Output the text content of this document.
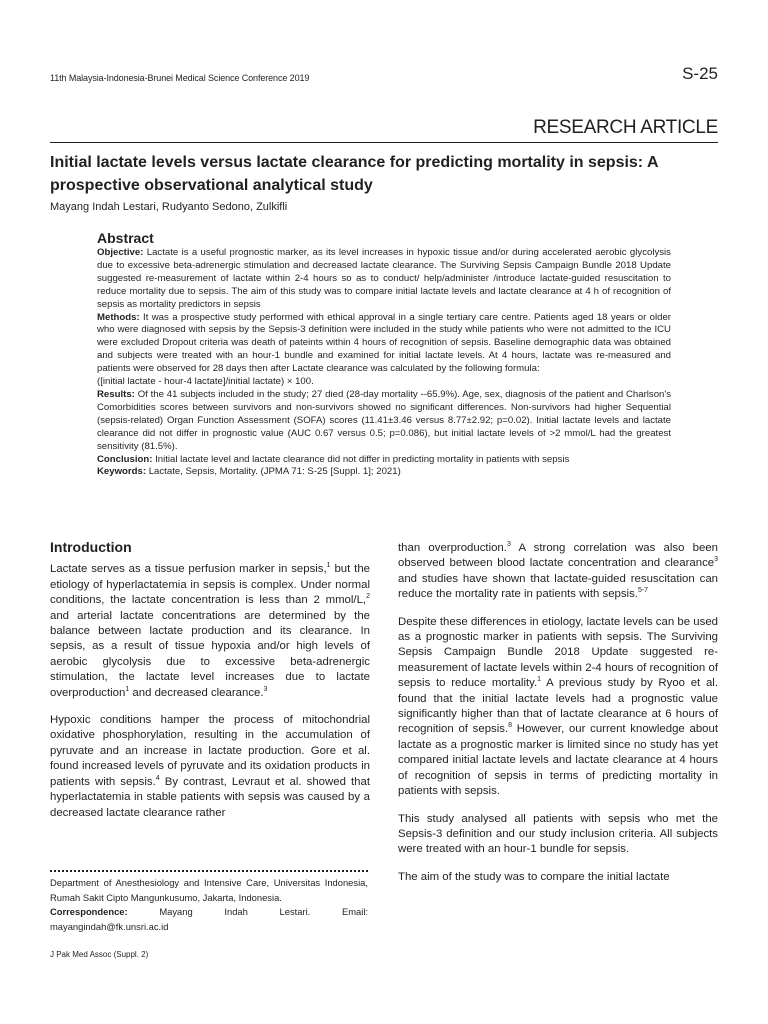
11th Malaysia-Indonesia-Brunei Medical Science Conference 2019	S-25
RESEARCH ARTICLE
Initial lactate levels versus lactate clearance for predicting mortality in sepsis: A prospective observational analytical study
Mayang Indah Lestari, Rudyanto Sedono, Zulkifli
Abstract

Objective: Lactate is a useful prognostic marker, as its level increases in hypoxic tissue and/or during accelerated aerobic glycolysis due to excessive beta-adrenergic stimulation and decreased lactate clearance. The Surviving Sepsis Campaign Bundle 2018 Update suggested re-measurement of lactate within 2-4 hours so as to conduct/ help/administer /introduce lactate-guided resuscitation to reduce mortality due to sepsis. The aim of this study was to compare initial lactate levels and lactate clearance at 4 h of recognition of sepsis as mortality predictors in sepsis

Methods: It was a prospective study performed with ethical approval in a single tertiary care centre. Patients aged 18 years or older who were diagnosed with sepsis by the Sepsis-3 definition were included in the study while patients who were not admitted to the ICU were excluded Dropout criteria was death of pateints within 4 hours of recognition of sepsis. Baseline demographic data was obtained and subjects were treated with an hour-1 bundle and examined for initial lactate levels. At 4 hours, lactate was re-measured and patients were observed for 28 days then after Lactate clearance was calculated by the following formula:

([initial lactate - hour-4 lactate]/initial lactate) × 100.

Results: Of the 41 subjects included in the study; 27 died (28-day mortality --65.9%). Age, sex, diagnosis of the patient and Charlson's Comorbidities scores between survivors and non-survivors showed no significant differences. Non-survivors had higher Sequential (sepsis-related) Organ Function Assessment (SOFA) scores (11.41±3.46 versus 8.77±2.92; p=0.02). Initial lactate levels and lactate clearance did not differ in prognostic value (AUC 0.67 versus 0.5; p=0.086), but initial lactate levels of >2 mmol/L had the greatest sensitivity (81.5%).

Conclusion: Initial lactate level and lactate clearance did not differ in predicting mortality in patients with sepsis

Keywords: Lactate, Sepsis, Mortality. (JPMA 71: S-25 [Suppl. 1]; 2021)

Introduction

Lactate serves as a tissue perfusion marker in sepsis,$^1$ but the etiology of hyperlactatemia in sepsis is complex. Under normal conditions, the lactate concentration is less than 2 mmol/L,$^2$ and arterial lactate concentrations are determined by the balance between lactate production and its clearance. In sepsis, as a result of tissue hypoxia and/or high levels of aerobic glycolysis due to excessive beta-adrenergic stimulation, the lactate level increases due to lactate overproduction$^1$ and decreased clearance.$^3$

Hypoxic conditions hamper the process of mitochondrial oxidative phosphorylation, resulting in the accumulation of pyruvate and an increase in lactate production. Gore et al. found increased levels of pyruvate and its oxidation products in patients with sepsis.$^4$ By contrast, Levraut et al. showed that hyperlactatemia in stable patients with sepsis was caused by a decreased lactate clearance rather

Department of Anesthesiology and Intensive Care, Universitas Indonesia, Rumah Sakit Cipto Mangunkusumo, Jakarta, Indonesia.

Correspondence:	Mayang Indah Lestari. Email: mayangindah@fk.unsri.ac.id

than overproduction.$^3$ A strong correlation was also been observed between blood lactate concentration and clearance$^3$ and studies have shown that lactate-guided resuscitation can reduce the mortality rate in patients with sepsis.$^{5-7}$

Despite these differences in etiology, lactate levels can be used as a prognostic marker in patients with sepsis. The Surviving Sepsis Campaign Bundle 2018 Update suggested re-measurement of lactate levels within 2-4 hours of recognition of sepsis to reduce mortality.$^1$ A previous study by Ryoo et al. found that the initial lactate levels had a prognostic value significantly higher than that of lactate clearance at 6 hours of recognition of sepsis.$^8$ However, our current knowledge about lactate as a prognostic marker is limited since no study has yet compared initial lactate levels and lactate clearance at 4 hours of recognition of sepsis in terms of predicting mortality in patients with sepsis.

This study analysed all patients with sepsis who met the Sepsis-3 definition and our study inclusion criteria. All subjects were treated with an hour-1 bundle for sepsis.

The aim of the study was to compare the initial lactate

J Pak Med Assoc (Suppl. 2)
